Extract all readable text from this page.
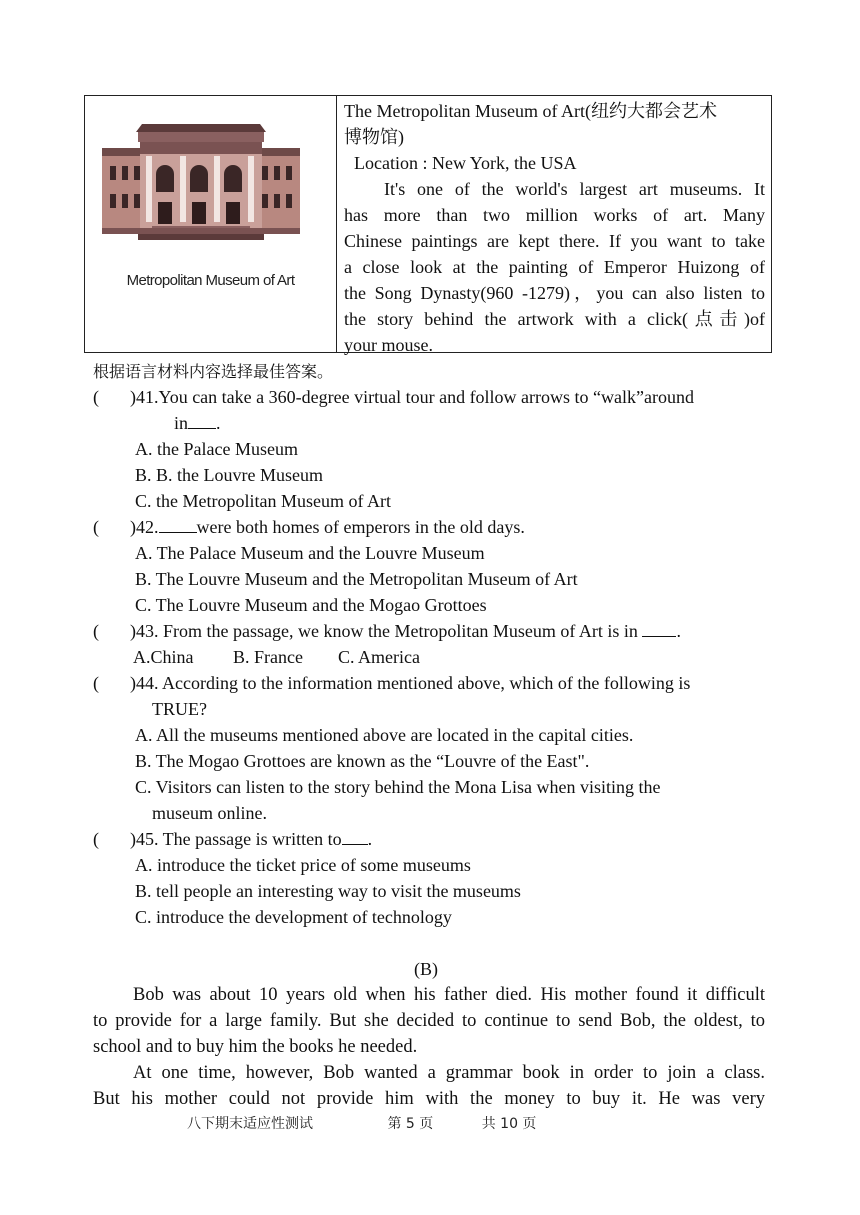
Metropolitan Museum of Art
The Metropolitan Museum of Art(纽约大都会艺术
博物馆)
Location : New York, the USA
It's one of the world's largest art museums. It
has more than two million works of art. Many
Chinese paintings are kept there. If you want to take
a close look at the painting of Emperor Huizong of
the Song Dynasty(960 -1279)，you can also listen to
the story behind the artwork with a click(点击)of
your mouse.
根据语言材料内容选择最佳答案。
( )41.You can take a 360-degree virtual tour and follow arrows to “walk”around
in .
A. the Palace Museum
B. B. the Louvre Museum
C. the Metropolitan Museum of Art
( )42. were both homes of emperors in the old days.
A. The Palace Museum and the Louvre Museum
B. The Louvre Museum and the Metropolitan Museum of Art
C. The Louvre Museum and the Mogao Grottoes
( )43. From the passage, we know the Metropolitan Museum of Art is in .
A.China B. France C. America
( )44. According to the information mentioned above, which of the following is
TRUE?
A. All the museums mentioned above are located in the capital cities.
B. The Mogao Grottoes are known as the “Louvre of the East".
C. Visitors can listen to the story behind the Mona Lisa when visiting the
museum online.
( )45. The passage is written to .
A. introduce the ticket price of some museums
B. tell people an interesting way to visit the museums
C. introduce the development of technology
(B)
Bob was about 10 years old when his father died. His mother found it difficult
to provide for a large family. But she decided to continue to send Bob, the oldest, to
school and to buy him the books he needed.
At one time, however, Bob wanted a grammar book in order to join a class.
But his mother could not provide him with the money to buy it. He was very
八下期末适应性测试	第 5 页	共 10 页
